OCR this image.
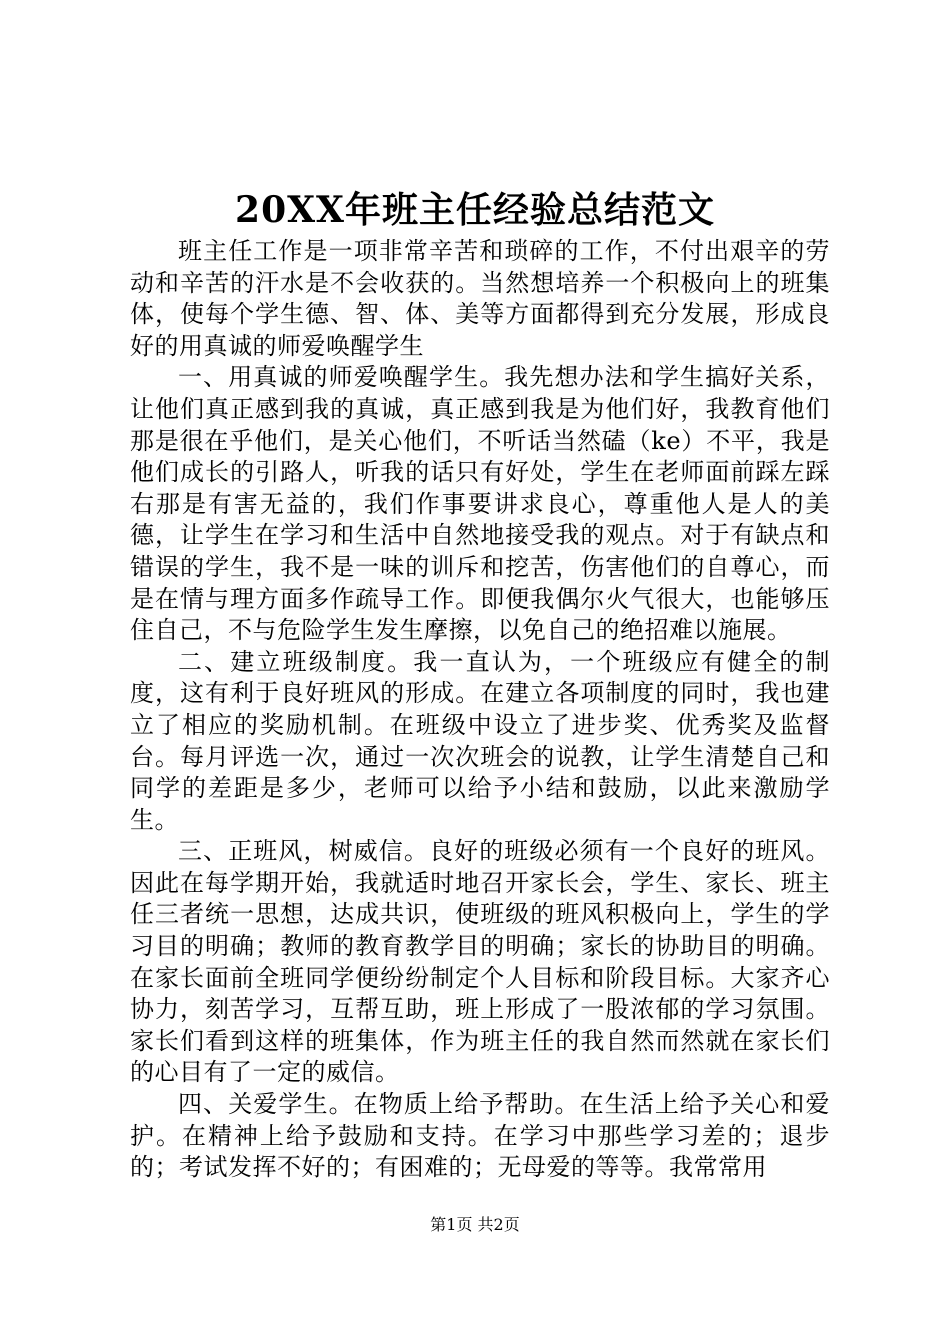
20XX年班主任经验总结范文

班主任工作是一项非常辛苦和琐碎的工作，不付出艰辛的劳动和辛苦的汗水是不会收获的。当然想培养一个积极向上的班集体，使每个学生德、智、体、美等方面都得到充分发展，形成良好的用真诚的师爱唤醒学生

一、用真诚的师爱唤醒学生。我先想办法和学生搞好关系，让他们真正感到我的真诚，真正感到我是为他们好，我教育他们那是很在乎他们，是关心他们，不听话当然磕（ke）不平，我是他们成长的引路人，听我的话只有好处，学生在老师面前踩左踩右那是有害无益的，我们作事要讲求良心，尊重他人是人的美德，让学生在学习和生活中自然地接受我的观点。对于有缺点和错误的学生，我不是一味的训斥和挖苦，伤害他们的自尊心，而是在情与理方面多作疏导工作。即便我偶尔火气很大，也能够压住自己，不与危险学生发生摩擦，以免自己的绝招难以施展。

二、建立班级制度。我一直认为，一个班级应有健全的制度，这有利于良好班风的形成。在建立各项制度的同时，我也建立了相应的奖励机制。在班级中设立了进步奖、优秀奖及监督台。每月评选一次，通过一次次班会的说教，让学生清楚自己和同学的差距是多少，老师可以给予小结和鼓励，以此来激励学生。

三、正班风，树威信。良好的班级必须有一个良好的班风。因此在每学期开始，我就适时地召开家长会，学生、家长、班主任三者统一思想，达成共识，使班级的班风积极向上，学生的学习目的明确；教师的教育教学目的明确；家长的协助目的明确。在家长面前全班同学便纷纷制定个人目标和阶段目标。大家齐心协力，刻苦学习，互帮互助，班上形成了一股浓郁的学习氛围。家长们看到这样的班集体，作为班主任的我自然而然就在家长们的心目有了一定的威信。

四、关爱学生。在物质上给予帮助。在生活上给予关心和爱护。在精神上给予鼓励和支持。在学习中那些学习差的；退步的；考试发挥不好的；有困难的；无母爱的等等。我常常用

第1页 共2页
